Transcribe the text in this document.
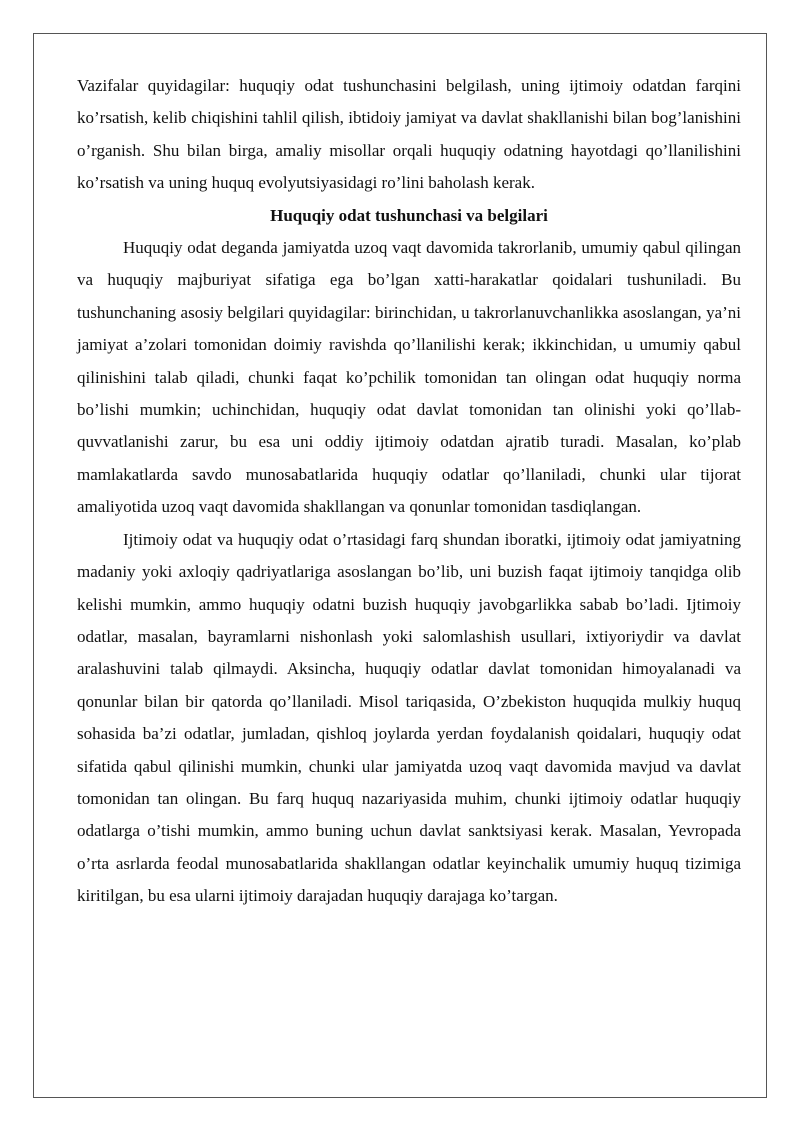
Vazifalar quyidagilar: huquqiy odat tushunchasini belgilash, uning ijtimoiy odatdan farqini ko’rsatish, kelib chiqishini tahlil qilish, ibtidoiy jamiyat va davlat shakllanishi bilan bog’lanishini o’rganish. Shu bilan birga, amaliy misollar orqali huquqiy odatning hayotdagi qo’llanilishini ko’rsatish va uning huquq evolyutsiyasidagi ro’lini baholash kerak.

Huquqiy odat tushunchasi va belgilari

Huquqiy odat deganda jamiyatda uzoq vaqt davomida takrorlanib, umumiy qabul qilingan va huquqiy majburiyat sifatiga ega bo’lgan xatti-harakatlar qoidalari tushuniladi. Bu tushunchaning asosiy belgilari quyidagilar: birinchidan, u takrorlanuvchanlikka asoslangan, ya’ni jamiyat a’zolari tomonidan doimiy ravishda qo’llanilishi kerak; ikkinchidan, u umumiy qabul qilinishini talab qiladi, chunki faqat ko’pchilik tomonidan tan olingan odat huquqiy norma bo’lishi mumkin; uchinchidan, huquqiy odat davlat tomonidan tan olinishi yoki qo’llab-quvvatlanishi zarur, bu esa uni oddiy ijtimoiy odatdan ajratib turadi. Masalan, ko’plab mamlakatlarda savdo munosabatlarida huquqiy odatlar qo’llaniladi, chunki ular tijorat amaliyotida uzoq vaqt davomida shakllangan va qonunlar tomonidan tasdiqlangan.

Ijtimoiy odat va huquqiy odat o’rtasidagi farq shundan iboratki, ijtimoiy odat jamiyatning madaniy yoki axloqiy qadriyatlariga asoslangan bo’lib, uni buzish faqat ijtimoiy tanqidga olib kelishi mumkin, ammo huquqiy odatni buzish huquqiy javobgarlikka sabab bo’ladi. Ijtimoiy odatlar, masalan, bayramlarni nishonlash yoki salomlashish usullari, ixtiyoriydir va davlat aralashuvini talab qilmaydi. Aksincha, huquqiy odatlar davlat tomonidan himoyalanadi va qonunlar bilan bir qatorda qo’llaniladi. Misol tariqasida, O’zbekiston huquqida mulkiy huquq sohasida ba’zi odatlar, jumladan, qishloq joylarda yerdan foydalanish qoidalari, huquqiy odat sifatida qabul qilinishi mumkin, chunki ular jamiyatda uzoq vaqt davomida mavjud va davlat tomonidan tan olingan. Bu farq huquq nazariyasida muhim, chunki ijtimoiy odatlar huquqiy odatlarga o’tishi mumkin, ammo buning uchun davlat sanktsiyasi kerak. Masalan, Yevropada o’rta asrlarda feodal munosabatlarida shakllangan odatlar keyinchalik umumiy huquq tizimiga kiritilgan, bu esa ularni ijtimoiy darajadan huquqiy darajaga ko’targan.
